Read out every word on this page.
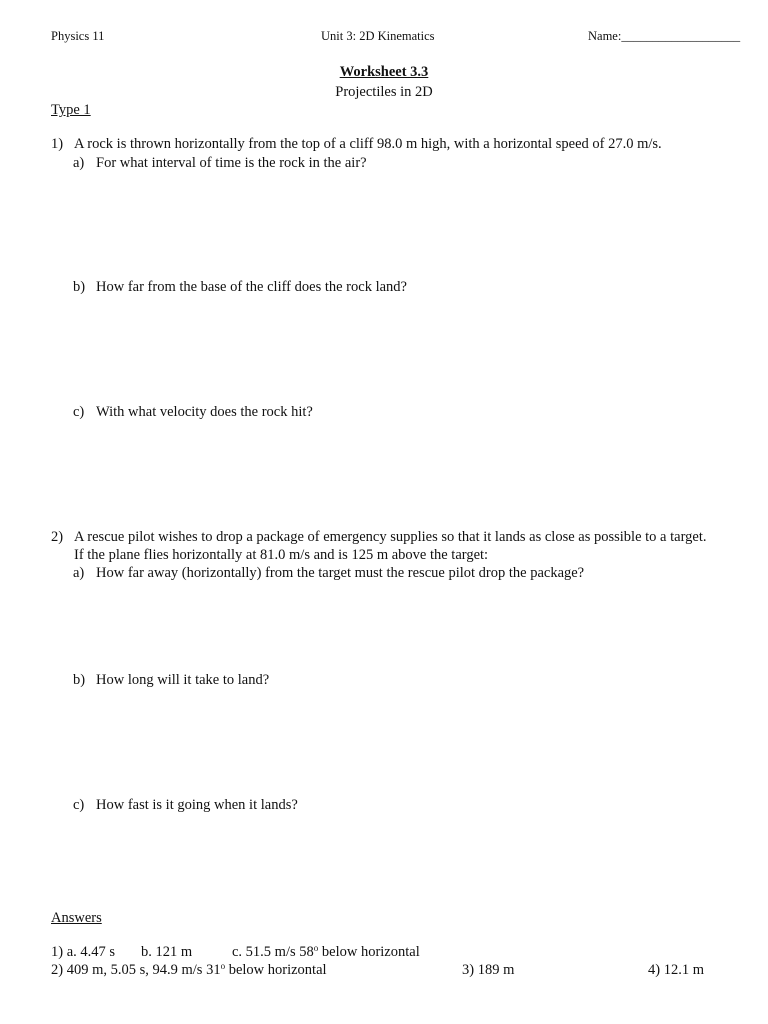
Physics 11	Unit 3: 2D Kinematics	Name:___________________
Worksheet 3.3
Projectiles in 2D
Type 1
1) A rock is thrown horizontally from the top of a cliff 98.0 m high, with a horizontal speed of 27.0 m/s.
a) For what interval of time is the rock in the air?
b) How far from the base of the cliff does the rock land?
c) With what velocity does the rock hit?
2) A rescue pilot wishes to drop a package of emergency supplies so that it lands as close as possible to a target.
If the plane flies horizontally at 81.0 m/s and is 125 m above the target:
a) How far away (horizontally) from the target must the rescue pilot drop the package?
b) How long will it take to land?
c) How fast is it going when it lands?
Answers
1) a. 4.47 s b. 121 m	c. 51.5 m/s 58$^o$ below horizontal
2) 409 m, 5.05 s, 94.9 m/s 31$^o$ below horizontal	3) 189 m	4) 12.1 m
